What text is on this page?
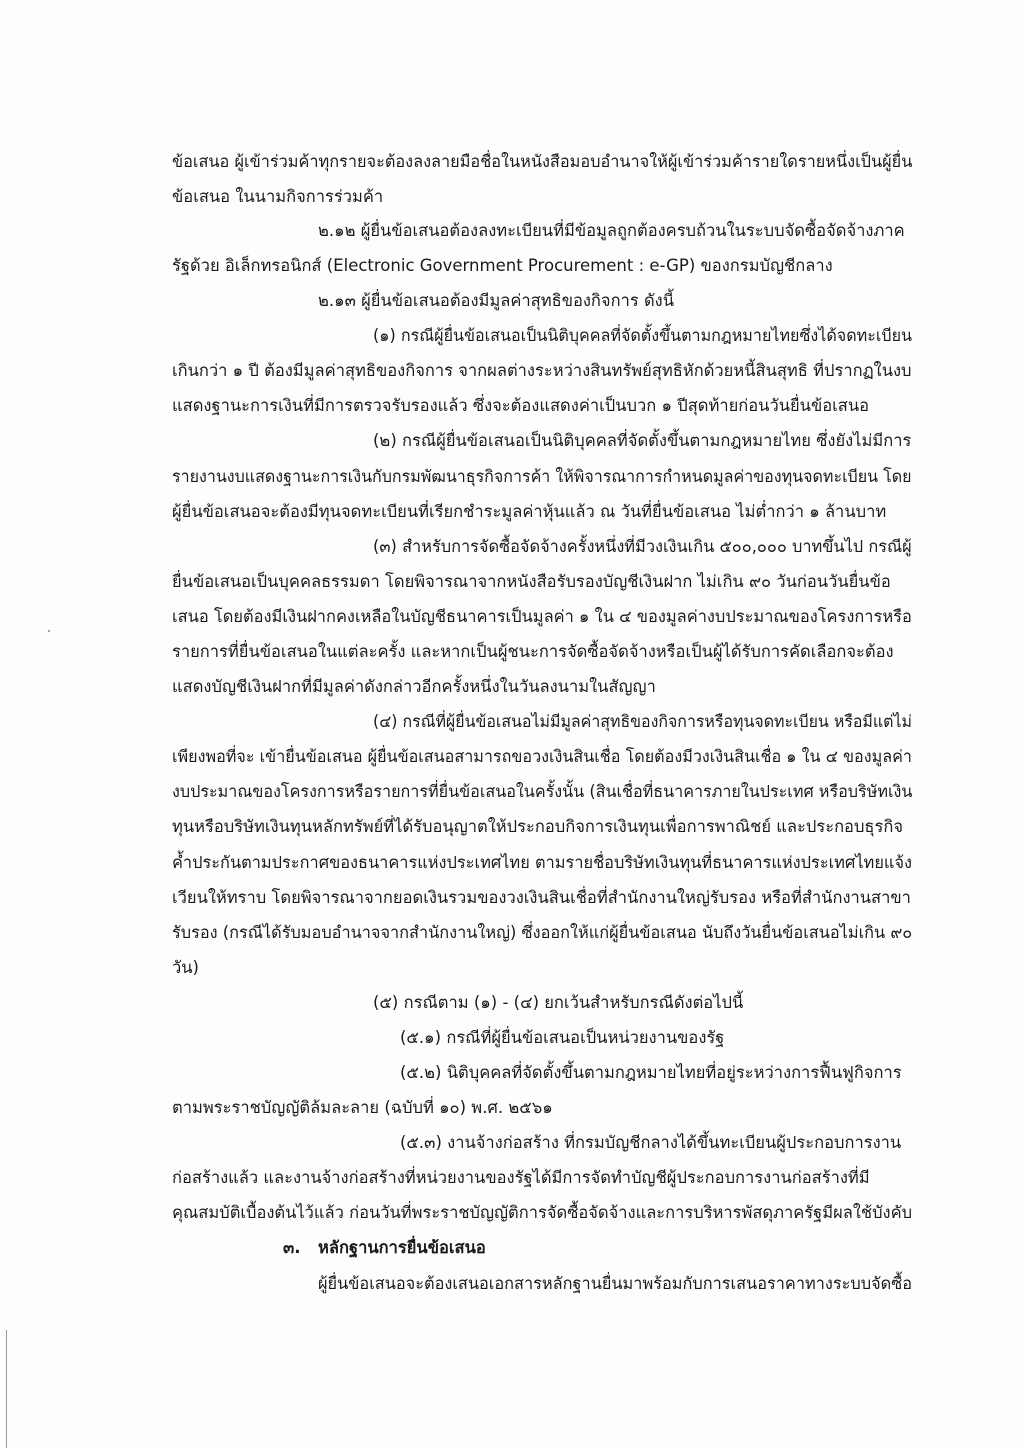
ข้อเสนอ ผู้เข้าร่วมค้าทุกรายจะต้องลงลายมือชื่อในหนังสือมอบอำนาจให้ผู้เข้าร่วมค้ารายใดรายหนึ่งเป็นผู้ยื่น
ข้อเสนอ ในนามกิจการร่วมค้า
๒.๑๒ ผู้ยื่นข้อเสนอต้องลงทะเบียนที่มีข้อมูลถูกต้องครบถ้วนในระบบจัดซื้อจัดจ้างภาค
รัฐด้วย อิเล็กทรอนิกส์ (Electronic Government Procurement : e-GP) ของกรมบัญชีกลาง
๒.๑๓ ผู้ยื่นข้อเสนอต้องมีมูลค่าสุทธิของกิจการ ดังนี้
(๑) กรณีผู้ยื่นข้อเสนอเป็นนิติบุคคลที่จัดตั้งขึ้นตามกฎหมายไทยซึ่งได้จดทะเบียน
เกินกว่า ๑ ปี ต้องมีมูลค่าสุทธิของกิจการ จากผลต่างระหว่างสินทรัพย์สุทธิหักด้วยหนี้สินสุทธิ ที่ปรากฏในงบ
แสดงฐานะการเงินที่มีการตรวจรับรองแล้ว ซึ่งจะต้องแสดงค่าเป็นบวก ๑ ปีสุดท้ายก่อนวันยื่นข้อเสนอ
(๒) กรณีผู้ยื่นข้อเสนอเป็นนิติบุคคลที่จัดตั้งขึ้นตามกฎหมายไทย ซึ่งยังไม่มีการ
รายงานงบแสดงฐานะการเงินกับกรมพัฒนาธุรกิจการค้า ให้พิจารณาการกำหนดมูลค่าของทุนจดทะเบียน โดย
ผู้ยื่นข้อเสนอจะต้องมีทุนจดทะเบียนที่เรียกชำระมูลค่าหุ้นแล้ว ณ วันที่ยื่นข้อเสนอ ไม่ต่ำกว่า ๑ ล้านบาท
(๓) สำหรับการจัดซื้อจัดจ้างครั้งหนึ่งที่มีวงเงินเกิน ๕๐๐,๐๐๐ บาทขึ้นไป กรณีผู้
ยื่นข้อเสนอเป็นบุคคลธรรมดา โดยพิจารณาจากหนังสือรับรองบัญชีเงินฝาก ไม่เกิน ๙๐ วันก่อนวันยื่นข้อ
เสนอ โดยต้องมีเงินฝากคงเหลือในบัญชีธนาคารเป็นมูลค่า ๑ ใน ๔ ของมูลค่างบประมาณของโครงการหรือ
รายการที่ยื่นข้อเสนอในแต่ละครั้ง และหากเป็นผู้ชนะการจัดซื้อจัดจ้างหรือเป็นผู้ได้รับการคัดเลือกจะต้อง
แสดงบัญชีเงินฝากที่มีมูลค่าดังกล่าวอีกครั้งหนึ่งในวันลงนามในสัญญา
(๔) กรณีที่ผู้ยื่นข้อเสนอไม่มีมูลค่าสุทธิของกิจการหรือทุนจดทะเบียน หรือมีแต่ไม่
เพียงพอที่จะ เข้ายื่นข้อเสนอ ผู้ยื่นข้อเสนอสามารถขอวงเงินสินเชื่อ โดยต้องมีวงเงินสินเชื่อ ๑ ใน ๔ ของมูลค่า
งบประมาณของโครงการหรือรายการที่ยื่นข้อเสนอในครั้งนั้น (สินเชื่อที่ธนาคารภายในประเทศ หรือบริษัทเงิน
ทุนหรือบริษัทเงินทุนหลักทรัพย์ที่ได้รับอนุญาตให้ประกอบกิจการเงินทุนเพื่อการพาณิชย์ และประกอบธุรกิจ
ค้ำประกันตามประกาศของธนาคารแห่งประเทศไทย ตามรายชื่อบริษัทเงินทุนที่ธนาคารแห่งประเทศไทยแจ้ง
เวียนให้ทราบ โดยพิจารณาจากยอดเงินรวมของวงเงินสินเชื่อที่สำนักงานใหญ่รับรอง หรือที่สำนักงานสาขา
รับรอง (กรณีได้รับมอบอำนาจจากสำนักงานใหญ่) ซึ่งออกให้แก่ผู้ยื่นข้อเสนอ นับถึงวันยื่นข้อเสนอไม่เกิน ๙๐
วัน)
(๕) กรณีตาม (๑) - (๔) ยกเว้นสำหรับกรณีดังต่อไปนี้
(๕.๑) กรณีที่ผู้ยื่นข้อเสนอเป็นหน่วยงานของรัฐ
(๕.๒) นิติบุคคลที่จัดตั้งขึ้นตามกฎหมายไทยที่อยู่ระหว่างการฟื้นฟูกิจการ
ตามพระราชบัญญัติล้มละลาย (ฉบับที่ ๑๐) พ.ศ. ๒๕๖๑
(๕.๓) งานจ้างก่อสร้าง ที่กรมบัญชีกลางได้ขึ้นทะเบียนผู้ประกอบการงาน
ก่อสร้างแล้ว และงานจ้างก่อสร้างที่หน่วยงานของรัฐได้มีการจัดทำบัญชีผู้ประกอบการงานก่อสร้างที่มี
คุณสมบัติเบื้องต้นไว้แล้ว ก่อนวันที่พระราชบัญญัติการจัดซื้อจัดจ้างและการบริหารพัสดุภาครัฐมีผลใช้บังคับ
๓. หลักฐานการยื่นข้อเสนอ
ผู้ยื่นข้อเสนอจะต้องเสนอเอกสารหลักฐานยื่นมาพร้อมกับการเสนอราคาทางระบบจัดซื้อ
